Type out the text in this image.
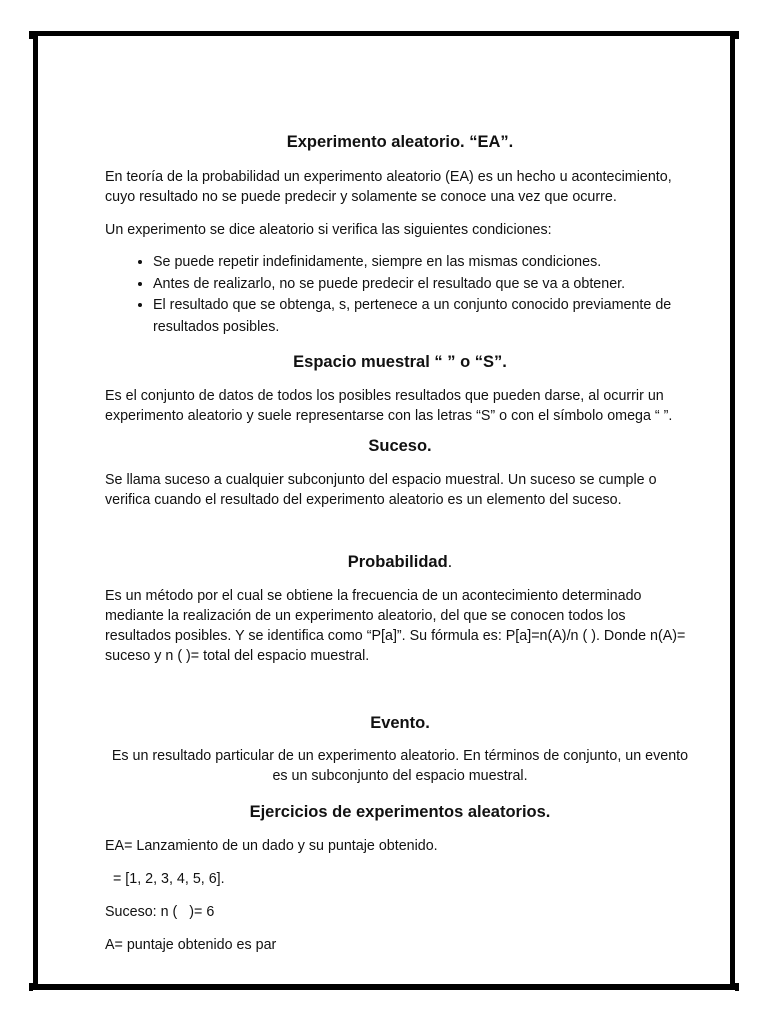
Experimento aleatorio. “EA”.

En teoría de la probabilidad un experimento aleatorio (EA) es un hecho u acontecimiento, cuyo resultado no se puede predecir y solamente se conoce una vez que ocurre.

Un experimento se dice aleatorio si verifica las siguientes condiciones:

• Se puede repetir indefinidamente, siempre en las mismas condiciones.
• Antes de realizarlo, no se puede predecir el resultado que se va a obtener.
• El resultado que se obtenga, s, pertenece a un conjunto conocido previamente de resultados posibles.
Espacio muestral “ ” o “S”.

Es el conjunto de datos de todos los posibles resultados que pueden darse, al ocurrir un experimento aleatorio y suele representarse con las letras “S” o con el símbolo omega “ ”.

Suceso.

Se llama suceso a cualquier subconjunto del espacio muestral. Un suceso se cumple o verifica cuando el resultado del experimento aleatorio es un elemento del suceso.

Probabilidad.

Es un método por el cual se obtiene la frecuencia de un acontecimiento determinado mediante la realización de un experimento aleatorio, del que se conocen todos los resultados posibles. Y se identifica como “P[a]”. Su fórmula es: P[a]=n(A)/n ( ). Donde n(A)= suceso y n ( )= total del espacio muestral.

Evento.

Es un resultado particular de un experimento aleatorio. En términos de conjunto, un evento es un subconjunto del espacio muestral.

Ejercicios de experimentos aleatorios.

EA= Lanzamiento de un dado y su puntaje obtenido.

= [1, 2, 3, 4, 5, 6].

Suceso: n (   )= 6

A= puntaje obtenido es par
